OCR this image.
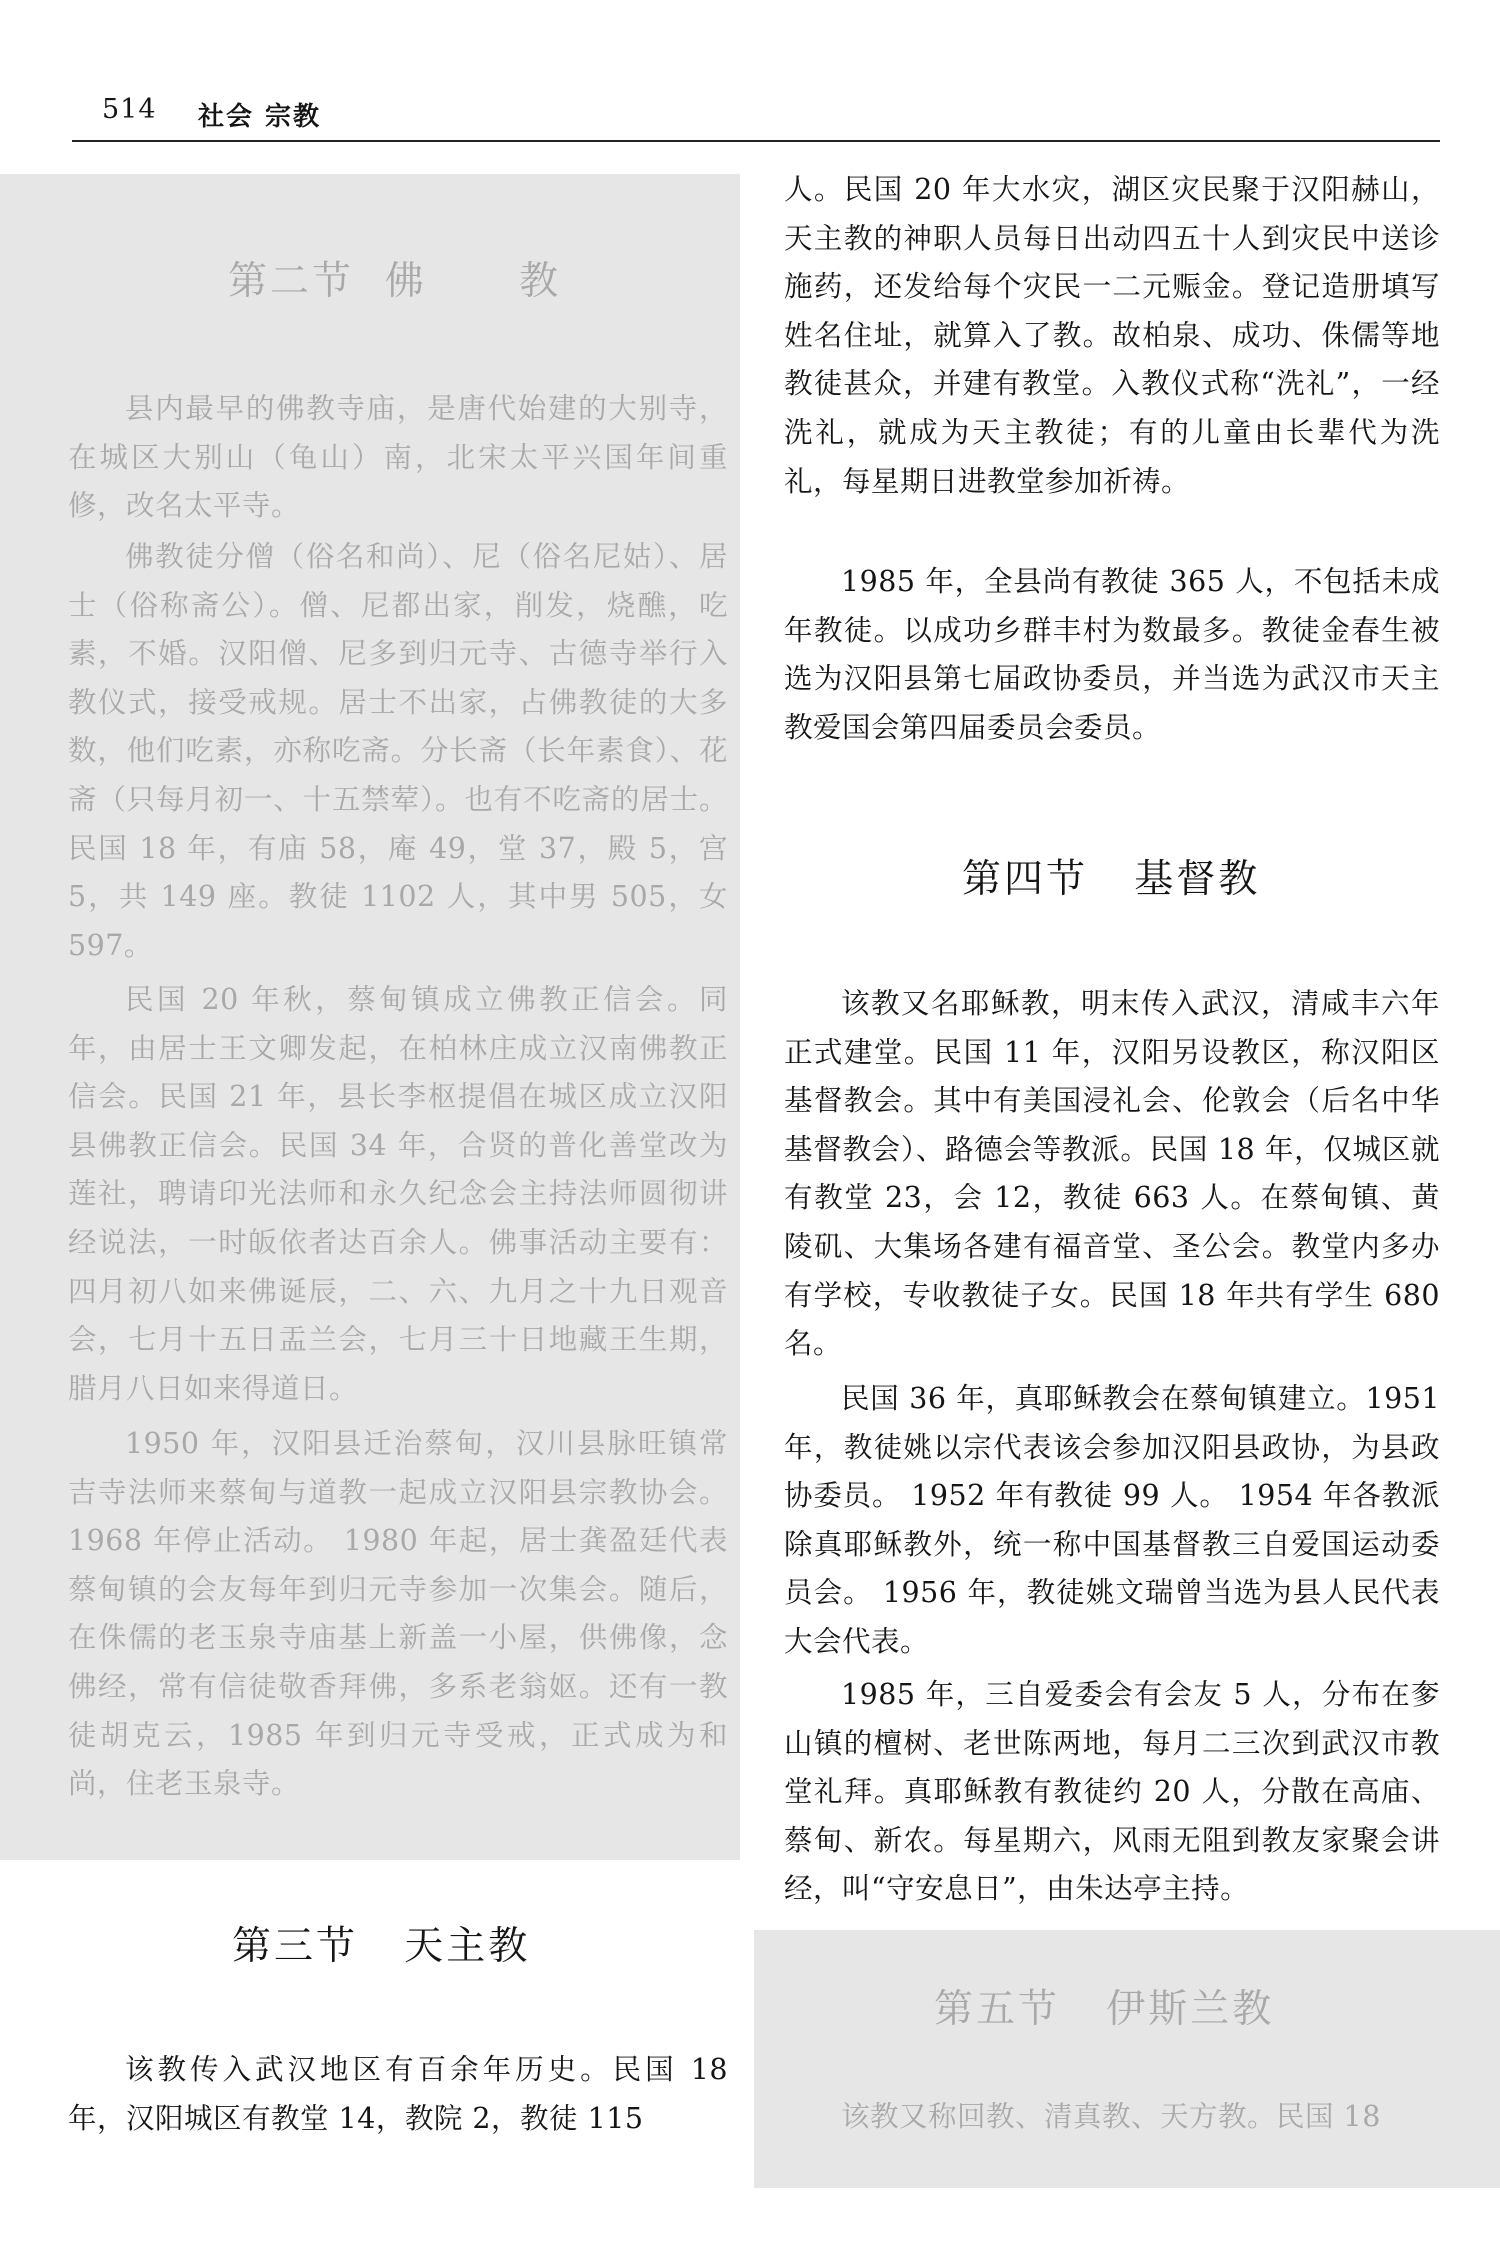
514 社会 宗教
第二节  佛      教

县内最早的佛教寺庙，是唐代始建的大别寺，在城区大别山（龟山）南，北宋太平兴国年间重修，改名太平寺。

佛教徒分僧（俗名和尚）、尼（俗名尼姑）、居士（俗称斋公）。僧、尼都出家，削发，烧醮，吃素，不婚。汉阳僧、尼多到归元寺、古德寺举行入教仪式，接受戒规。居士不出家，占佛教徒的大多数，他们吃素，亦称吃斋。分长斋（长年素食）、花斋（只每月初一、十五禁荤）。也有不吃斋的居士。民国 18 年，有庙 58，庵 49，堂 37，殿 5，宫 5，共 149 座。教徒 1102 人，其中男 505，女 597。

民国 20 年秋，蔡甸镇成立佛教正信会。同年，由居士王文卿发起，在柏林庄成立汉南佛教正信会。民国 21 年，县长李枢提倡在城区成立汉阳县佛教正信会。民国 34 年，合贤的普化善堂改为莲社，聘请印光法师和永久纪念会主持法师圆彻讲经说法，一时皈依者达百余人。佛事活动主要有：四月初八如来佛诞辰，二、六、九月之十九日观音会，七月十五日盂兰会，七月三十日地藏王生期，腊月八日如来得道日。

1950 年，汉阳县迁治蔡甸，汉川县脉旺镇常吉寺法师来蔡甸与道教一起成立汉阳县宗教协会。 1968 年停止活动。 1980 年起，居士龚盈廷代表蔡甸镇的会友每年到归元寺参加一次集会。随后，在侏儒的老玉泉寺庙基上新盖一小屋，供佛像，念佛经，常有信徒敬香拜佛，多系老翁妪。还有一教徒胡克云，1985 年到归元寺受戒，正式成为和尚，住老玉泉寺。

第三节   天主教

该教传入武汉地区有百余年历史。民国 18 年，汉阳城区有教堂 14，教院 2，教徒 115

人。民国 20 年大水灾，湖区灾民聚于汉阳赫山，天主教的神职人员每日出动四五十人到灾民中送诊施药，还发给每个灾民一二元赈金。登记造册填写姓名住址，就算入了教。故柏泉、成功、侏儒等地教徒甚众，并建有教堂。入教仪式称“洗礼”，一经洗礼，就成为天主教徒；有的儿童由长辈代为洗礼，每星期日进教堂参加祈祷。

1985 年，全县尚有教徒 365 人，不包括未成年教徒。以成功乡群丰村为数最多。教徒金春生被选为汉阳县第七届政协委员，并当选为武汉市天主教爱国会第四届委员会委员。

第四节   基督教

该教又名耶稣教，明末传入武汉，清咸丰六年正式建堂。民国 11 年，汉阳另设教区，称汉阳区基督教会。其中有美国浸礼会、伦敦会（后名中华基督教会）、路德会等教派。民国 18 年，仅城区就有教堂 23，会 12，教徒 663 人。在蔡甸镇、黄陵矶、大集场各建有福音堂、圣公会。教堂内多办有学校，专收教徒子女。民国 18 年共有学生 680 名。

民国 36 年，真耶稣教会在蔡甸镇建立。1951 年，教徒姚以宗代表该会参加汉阳县政协，为县政协委员。 1952 年有教徒 99 人。 1954 年各教派除真耶稣教外，统一称中国基督教三自爱国运动委员会。 1956 年，教徒姚文瑞曾当选为县人民代表大会代表。

1985 年，三自爱委会有会友 5 人，分布在奓山镇的檀树、老世陈两地，每月二三次到武汉市教堂礼拜。真耶稣教有教徒约 20 人，分散在高庙、蔡甸、新农。每星期六，风雨无阻到教友家聚会讲经，叫“守安息日”，由朱达亭主持。

第五节   伊斯兰教

该教又称回教、清真教、天方教。民国 18
